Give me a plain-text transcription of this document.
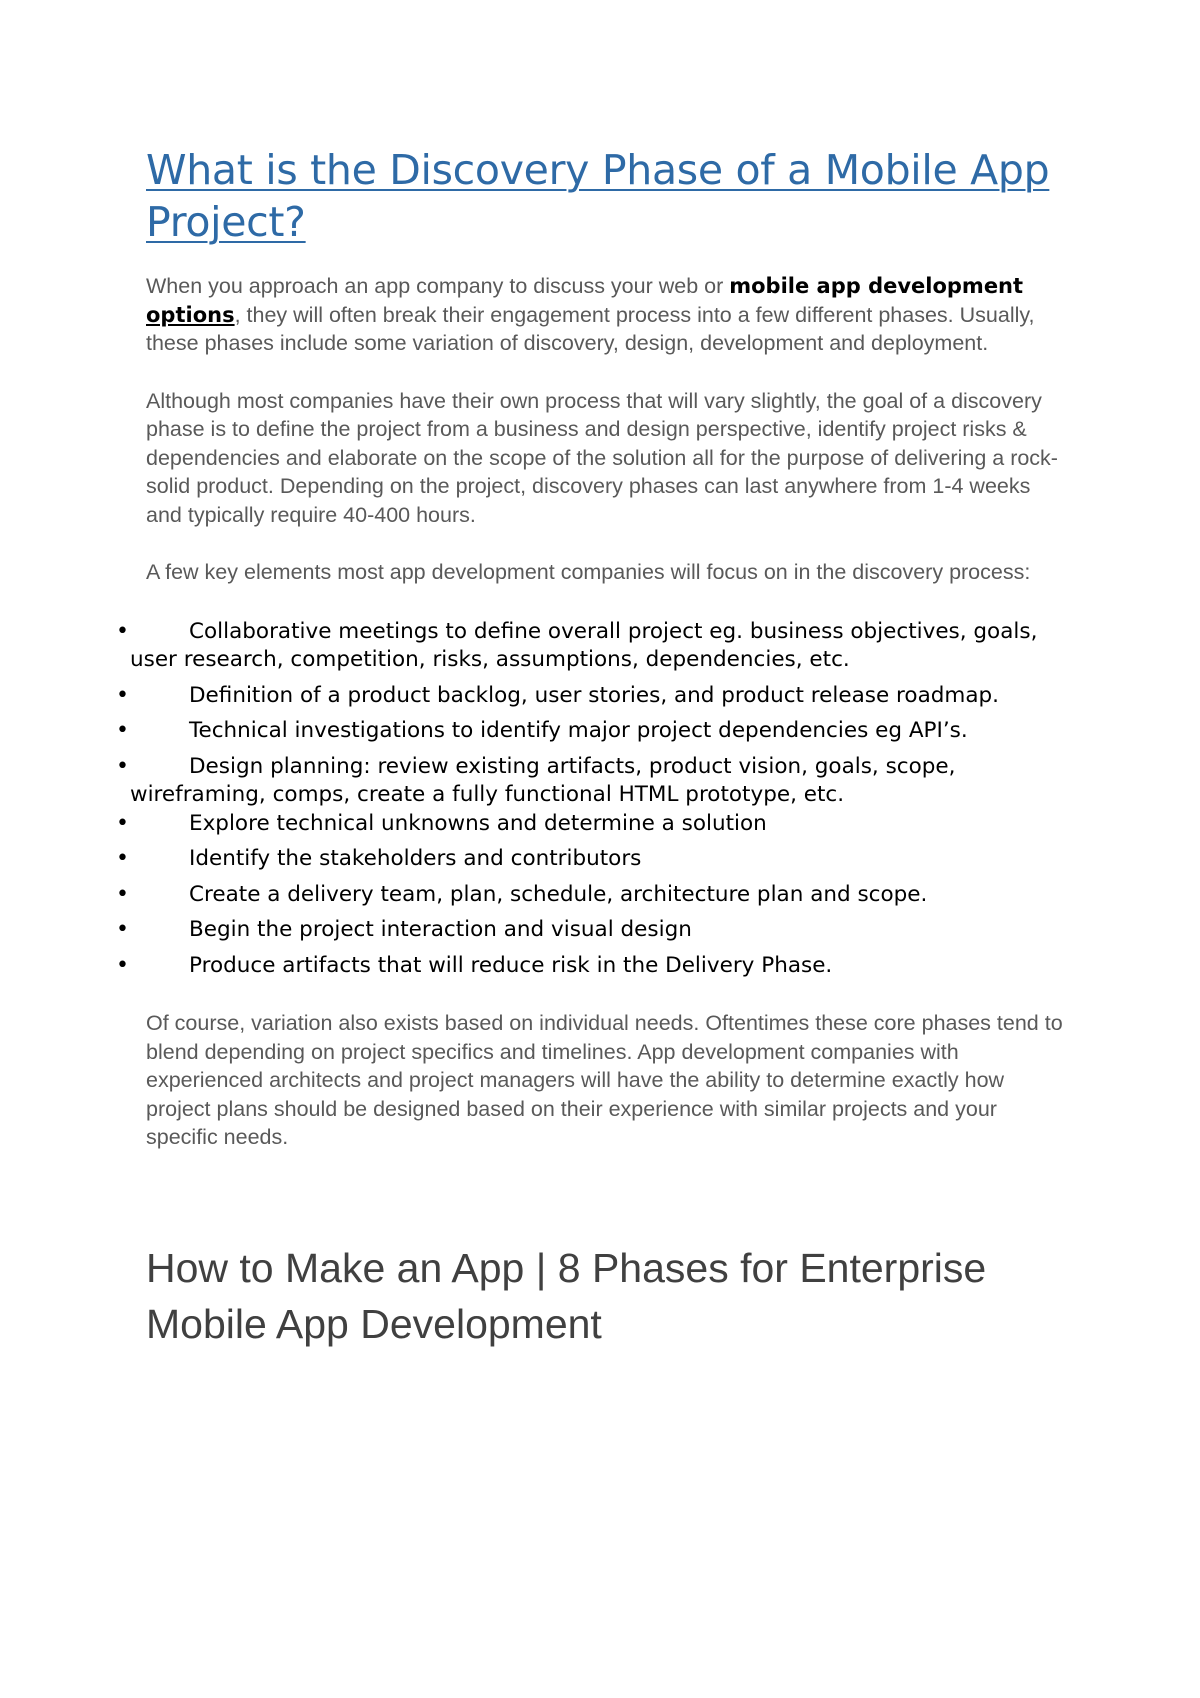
What is the Discovery Phase of a Mobile App Project?

When you approach an app company to discuss your web or mobile app development options, they will often break their engagement process into a few different phases. Usually, these phases include some variation of discovery, design, development and deployment.

Although most companies have their own process that will vary slightly, the goal of a discovery phase is to define the project from a business and design perspective, identify project risks & dependencies and elaborate on the scope of the solution all for the purpose of delivering a rock-solid product. Depending on the project, discovery phases can last anywhere from 1-4 weeks and typically require 40-400 hours.

A few key elements most app development companies will focus on in the discovery process:

•	Collaborative meetings to define overall project eg. business objectives, goals, user research, competition, risks, assumptions, dependencies, etc.
•	Definition of a product backlog, user stories, and product release roadmap.
•	Technical investigations to identify major project dependencies eg API’s.
•	Design planning: review existing artifacts, product vision, goals, scope, wireframing, comps, create a fully functional HTML prototype, etc.
•	Explore technical unknowns and determine a solution
•	Identify the stakeholders and contributors
•	Create a delivery team, plan, schedule, architecture plan and scope.
•	Begin the project interaction and visual design
•	Produce artifacts that will reduce risk in the Delivery Phase.

Of course, variation also exists based on individual needs. Oftentimes these core phases tend to blend depending on project specifics and timelines. App development companies with experienced architects and project managers will have the ability to determine exactly how project plans should be designed based on their experience with similar projects and your specific needs.

How to Make an App | 8 Phases for Enterprise Mobile App Development
